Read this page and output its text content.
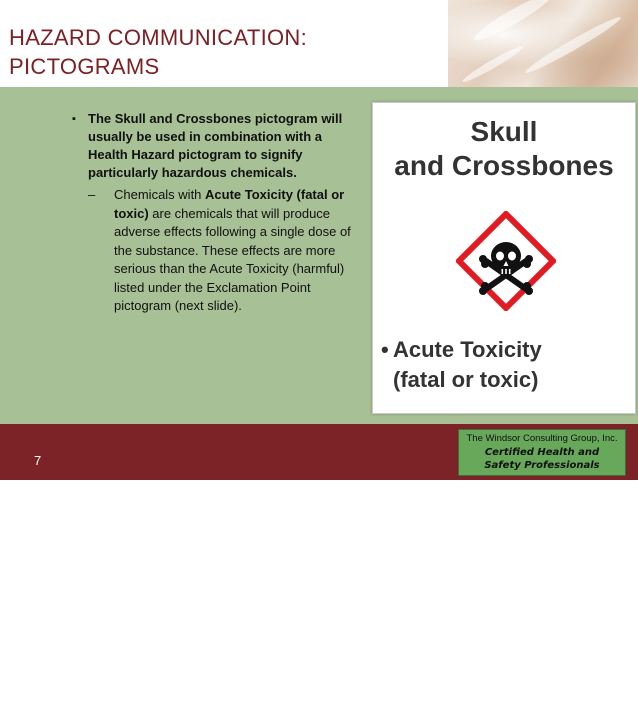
HAZARD COMMUNICATION:
PICTOGRAMS
7

▪ The Skull and Crossbones pictogram will usually be used in combination with a Health Hazard pictogram to signify particularly hazardous chemicals.

– Chemicals with Acute Toxicity (fatal or toxic) are chemicals that will produce adverse effects following a single dose of the substance. These effects are more serious than the Acute Toxicity (harmful) listed under the Exclamation Point pictogram (next slide).
Skull
and Crossbones
• Acute Toxicity
(fatal or toxic)
The Windsor Consulting Group, Inc.
Certified Health and Safety Professionals
